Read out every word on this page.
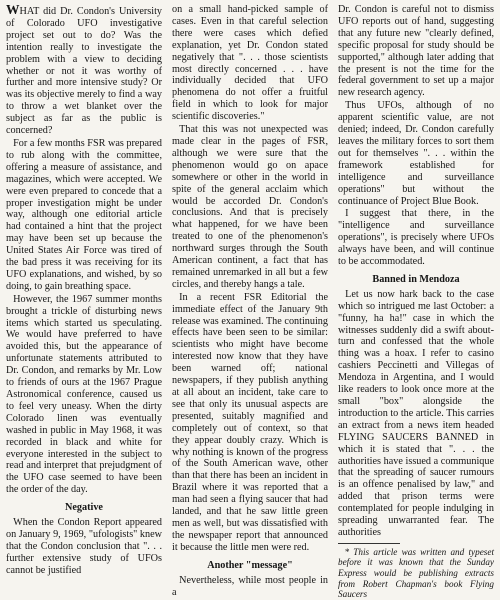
WHAT did Dr. Condon's University of Colorado UFO investigative project set out to do? Was the intention really to investigate the problem with a view to deciding whether or not it was worthy of further and more intensive study? Or was its objective merely to find a way to throw a wet blanket over the subject as far as the public is concerned?

For a few months FSR was prepared to rub along with the committee, offering a measure of assistance, and magazines, which were accepted. We were even prepared to concede that a proper investigation might be under way, although one editorial article had contained a hint that the project may have been set up because the United States Air Force was tired of the bad press it was receiving for its UFO explanations, and wished, by so doing, to gain breathing space.

However, the 1967 summer months brought a trickle of disturbing news items which started us speculating. We would have preferred to have avoided this, but the appearance of unfortunate statements attributed to Dr. Condon, and remarks by Mr. Low to friends of ours at the 1967 Prague Astronomical conference, caused us to feel very uneasy. When the dirty Colorado linen was eventually washed in public in May 1968, it was recorded in black and white for everyone interested in the subject to read and interpret that prejudgment of the UFO case seemed to have been the order of the day.

Negative

When the Condon Report appeared on January 9, 1969, "ufologists" knew that the Condon conclusion that ". . . further extensive study of UFOs cannot be justified

on a small hand-picked sample of cases. Even in that careful selection there were cases which defied explanation, yet Dr. Condon stated negatively that ". . . those scientists most directly concerned . . . have individually decided that UFO phenomena do not offer a fruitful field in which to look for major scientific discoveries."

That this was not unexpected was made clear in the pages of FSR, although we were sure that the phenomenon would go on apace somewhere or other in the world in spite of the general acclaim which would be accorded Dr. Condon's conclusions. And that is precisely what happened, for we have been treated to one of the phenomenon's northward surges through the South American continent, a fact that has remained unremarked in all but a few circles, and thereby hangs a tale.

In a recent FSR Editorial the immediate effect of the January 9th release was examined. The continuing effects have been seen to be similar: scientists who might have become interested now know that they have been warned off; national newspapers, if they publish anything at all about an incident, take care to see that only its unusual aspects are presented, suitably magnified and completely out of context, so that they appear doubly crazy. Which is why nothing is known of the progress of the South American wave, other than that there has been an incident in Brazil where it was reported that a man had seen a flying saucer that had landed, and that he saw little green men as well, but was dissatisfied with the newspaper report that announced it because the little men were red.

Another "message"

Nevertheless, while most people in a

Dr. Condon is careful not to dismiss UFO reports out of hand, suggesting that any future new "clearly defined, specific proposal for study should be supported," although later adding that the present is not the time for the federal government to set up a major new research agency.

Thus UFOs, although of no apparent scientific value, are not denied; indeed, Dr. Condon carefully leaves the military forces to sort them out for themselves ". . . within the framework established for intelligence and surveillance operations" but without the continuance of Project Blue Book.

I suggest that there, in the "intelligence and surveillance operations", is precisely where UFOs always have been, and will continue to be accommodated.

Banned in Mendoza

Let us now hark back to the case which so intrigued me last October: a "funny, ha ha!" case in which the witnesses suddenly did a swift about-turn and confessed that the whole thing was a hoax. I refer to casino cashiers Peccinetti and Villegas of Mendoza in Argentina, and I would like readers to look once more at the small "box" alongside the introduction to the article. This carries an extract from a news item headed FLYING SAUCERS BANNED in which it is stated that ". . . the authorities have issued a communique that the spreading of saucer rumours is an offence penalised by law," and added that prison terms were contemplated for people indulging in spreading unwarranted fear. The authorities

* This article was written and typeset before it was known that the Sunday Express would be publishing extracts from Robert Chapman's book Flying Saucers
